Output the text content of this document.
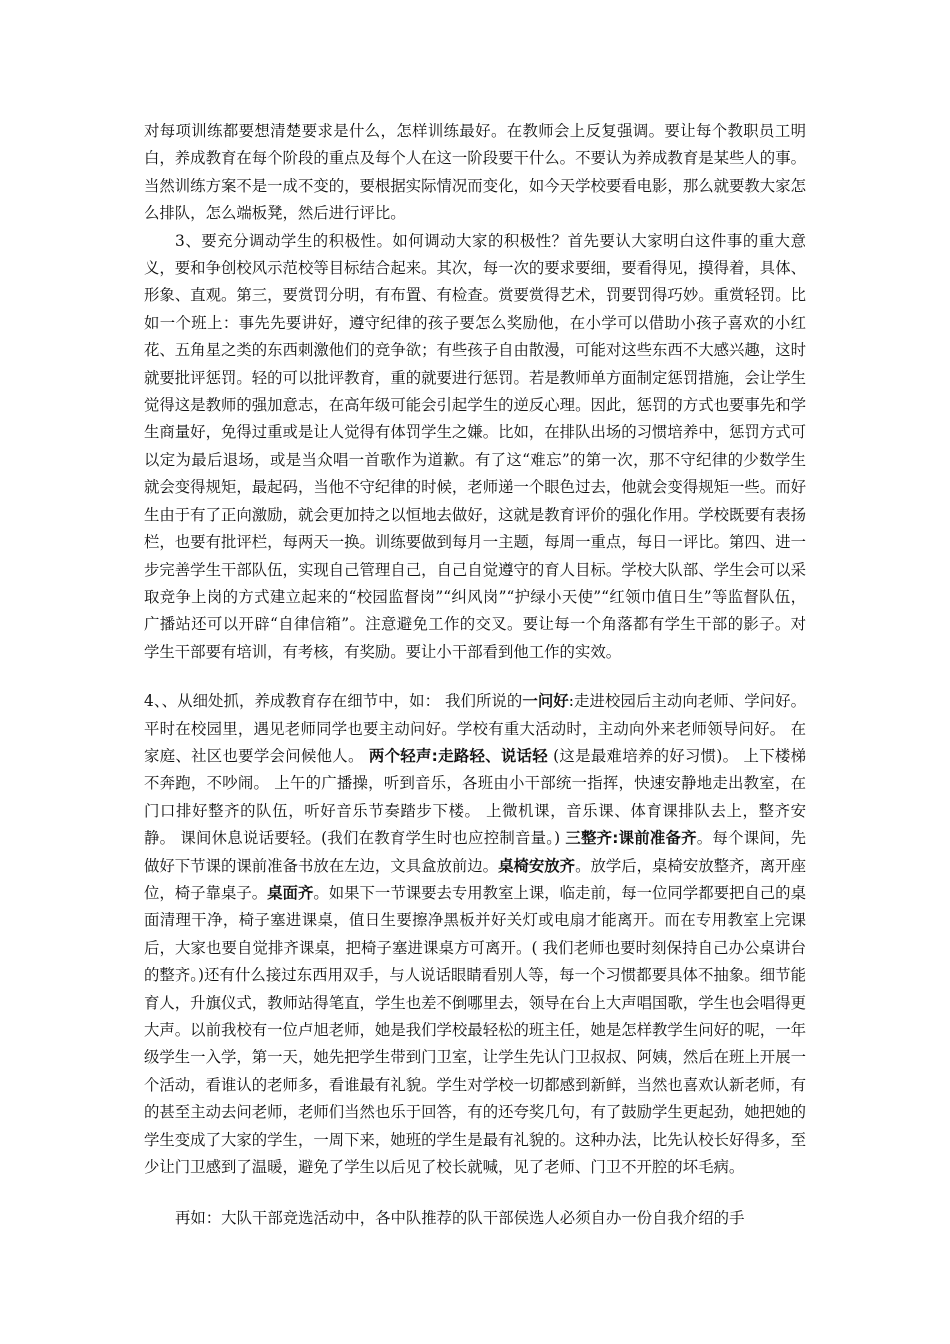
对每项训练都要想清楚要求是什么，怎样训练最好。在教师会上反复强调。要让每个教职员工明白，养成教育在每个阶段的重点及每个人在这一阶段要干什么。不要认为养成教育是某些人的事。当然训练方案不是一成不变的，要根据实际情况而变化，如今天学校要看电影，那么就要教大家怎么排队，怎么端板凳，然后进行评比。

3、要充分调动学生的积极性。如何调动大家的积极性？首先要认大家明白这件事的重大意义，要和争创校风示范校等目标结合起来。其次，每一次的要求要细，要看得见，摸得着，具体、形象、直观。第三，要赏罚分明，有布置、有检查。赏要赏得艺术，罚要罚得巧妙。重赏轻罚。比如一个班上：事先先要讲好，遵守纪律的孩子要怎么奖励他，在小学可以借助小孩子喜欢的小红花、五角星之类的东西刺激他们的竞争欲；有些孩子自由散漫，可能对这些东西不大感兴趣，这时就要批评惩罚。轻的可以批评教育，重的就要进行惩罚。若是教师单方面制定惩罚措施，会让学生觉得这是教师的强加意志，在高年级可能会引起学生的逆反心理。因此，惩罚的方式也要事先和学生商量好，免得过重或是让人觉得有体罚学生之嫌。比如，在排队出场的习惯培养中，惩罚方式可以定为最后退场，或是当众唱一首歌作为道歉。有了这“难忘”的第一次，那不守纪律的少数学生就会变得规矩，最起码，当他不守纪律的时候，老师递一个眼色过去，他就会变得规矩一些。而好生由于有了正向激励，就会更加持之以恒地去做好，这就是教育评价的强化作用。学校既要有表扬栏，也要有批评栏，每两天一换。训练要做到每月一主题，每周一重点，每日一评比。第四、进一步完善学生干部队伍，实现自己管理自己，自己自觉遵守的育人目标。学校大队部、学生会可以采取竞争上岗的方式建立起来的“校园监督岗”“纠风岗”“护绿小天使”“红领巾值日生”等监督队伍，广播站还可以开辟“自律信箱”。注意避免工作的交叉。要让每一个角落都有学生干部的影子。对学生干部要有培训，有考核，有奖励。要让小干部看到他工作的实效。

4、、从细处抓，养成教育存在细节中，如： 我们所说的一问好:走进校园后主动向老师、学问好。平时在校园里，遇见老师同学也要主动问好。学校有重大活动时，主动向外来老师领导问好。 在家庭、社区也要学会问候他人。 两个轻声:走路轻、说话轻 (这是最难培养的好习惯)。 上下楼梯不奔跑，不吵闹。 上午的广播操，听到音乐，各班由小干部统一指挥，快速安静地走出教室，在门口排好整齐的队伍，听好音乐节奏踏步下楼。 上微机课，音乐课、体育课排队去上，整齐安静。 课间休息说话要轻。(我们在教育学生时也应控制音量。) 三整齐:课前准备齐。每个课间，先做好下节课的课前准备书放在左边，文具盒放前边。桌椅安放齐。放学后，桌椅安放整齐，离开座位，椅子靠桌子。桌面齐。如果下一节课要去专用教室上课，临走前，每一位同学都要把自己的桌面清理干净，椅子塞进课桌，值日生要擦净黑板并好关灯或电扇才能离开。而在专用教室上完课后，大家也要自觉排齐课桌，把椅子塞进课桌方可离开。( 我们老师也要时刻保持自己办公桌讲台的整齐。)还有什么接过东西用双手，与人说话眼睛看别人等，每一个习惯都要具体不抽象。细节能育人，升旗仪式，教师站得笔直，学生也差不倒哪里去，领导在台上大声唱国歌，学生也会唱得更大声。以前我校有一位卢旭老师，她是我们学校最轻松的班主任，她是怎样教学生问好的呢，一年级学生一入学，第一天，她先把学生带到门卫室，让学生先认门卫叔叔、阿姨，然后在班上开展一个活动，看谁认的老师多，看谁最有礼貌。学生对学校一切都感到新鲜，当然也喜欢认新老师，有的甚至主动去问老师，老师们当然也乐于回答，有的还夸奖几句，有了鼓励学生更起劲，她把她的学生变成了大家的学生，一周下来，她班的学生是最有礼貌的。这种办法，比先认校长好得多，至少让门卫感到了温暖，避免了学生以后见了校长就喊，见了老师、门卫不开腔的坏毛病。

再如：大队干部竞选活动中，各中队推荐的队干部侯选人必须自办一份自我介绍的手
